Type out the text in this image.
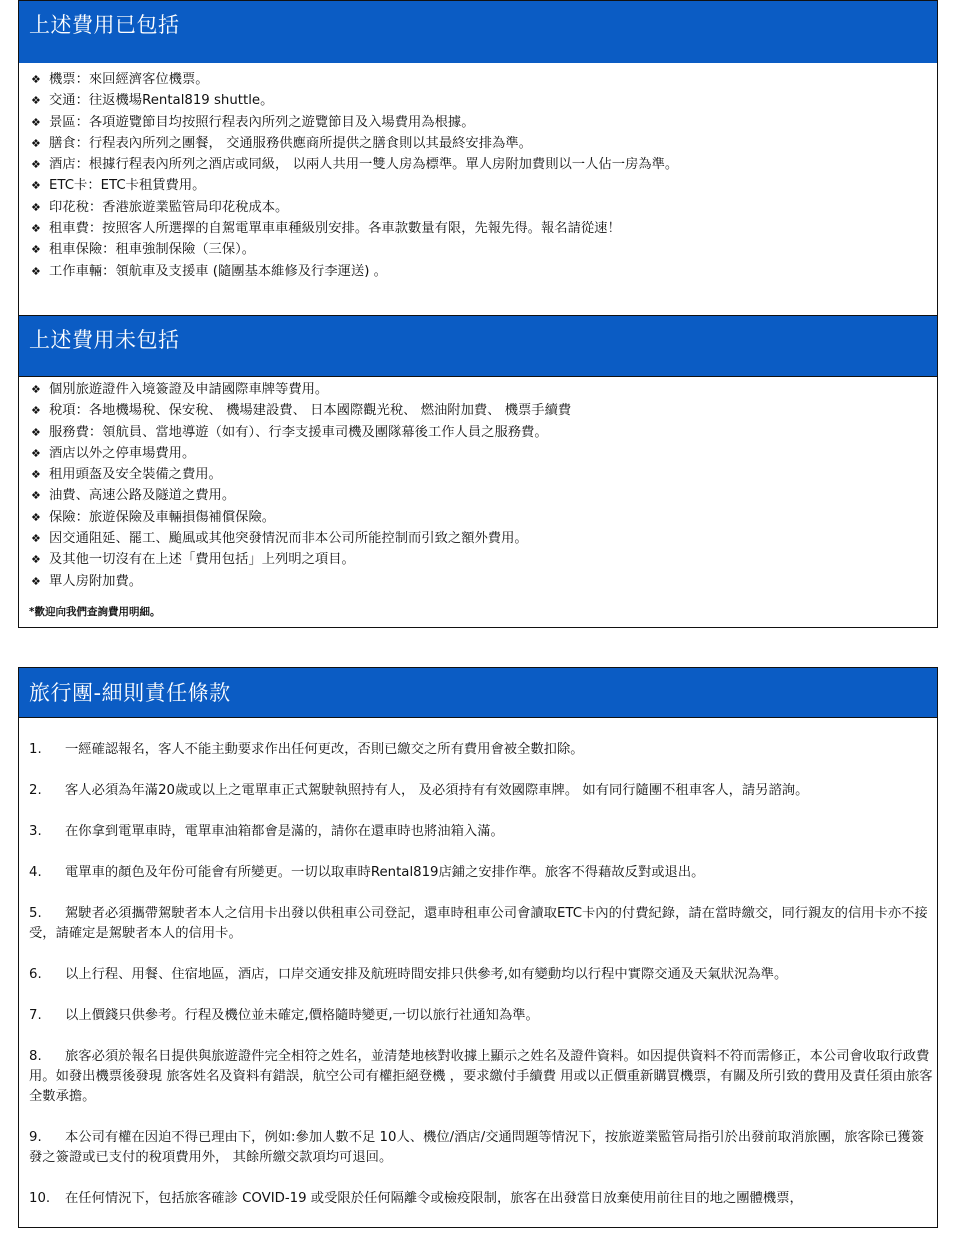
上述費用已包括
❖ 機票：來回經濟客位機票。
❖ 交通：往返機場Rental819 shuttle。
❖ 景區：各項遊覽節目均按照行程表內所列之遊覽節目及入場費用為根據。
❖ 膳食：行程表內所列之團餐， 交通服務供應商所提供之膳食則以其最終安排為準。
❖ 酒店：根據行程表內所列之酒店或同級， 以兩人共用一雙人房為標準。單人房附加費則以一人佔一房為準。
❖ ETC卡：ETC卡租賃費用。
❖ 印花稅：香港旅遊業監管局印花稅成本。
❖ 租車費：按照客人所選擇的自駕電單車車種級別安排。各車款數量有限，先報先得。報名請從速！
❖ 租車保險：租車強制保險（三保）。
❖ 工作車輛：領航車及支援車 (隨團基本維修及行李運送) 。
上述費用未包括
❖ 個別旅遊證件入境簽證及申請國際車牌等費用。
❖ 稅項：各地機場稅、保安稅、 機場建設費、 日本國際觀光稅、 燃油附加費、 機票手續費
❖ 服務費：領航員、當地導遊（如有）、行李支援車司機及團隊幕後工作人員之服務費。
❖ 酒店以外之停車場費用。
❖ 租用頭盔及安全裝備之費用。
❖ 油費、高速公路及隧道之費用。
❖ 保險：旅遊保險及車輛損傷補償保險。
❖ 因交通阻延、罷工、颱風或其他突發情況而非本公司所能控制而引致之額外費用。
❖ 及其他一切沒有在上述「費用包括」上列明之項目。
❖ 單人房附加費。
*歡迎向我們查詢費用明細。
旅行團-細則責任條款

1. 一經確認報名，客人不能主動要求作出任何更改，否則已繳交之所有費用會被全數扣除。

2. 客人必須為年滿20歲或以上之電單車正式駕駛執照持有人， 及必須持有有效國際車牌。 如有同行隨團不租車客人，請另諮詢。

3. 在你拿到電單車時，電單車油箱都會是滿的，請你在還車時也將油箱入滿。

4. 電單車的顏色及年份可能會有所變更。一切以取車時Rental819店鋪之安排作準。旅客不得藉故反對或退出。

5. 駕駛者必須攜帶駕駛者本人之信用卡出發以供租車公司登記，還車時租車公司會讀取ETC卡內的付費紀錄，請在當時繳交，同行親友的信用卡亦不接受，請確定是駕駛者本人的信用卡。

6. 以上行程、用餐、住宿地區，酒店，口岸交通安排及航班時間安排只供參考,如有變動均以行程中實際交通及天氣狀況為準。

7. 以上價錢只供參考。行程及機位並未確定,價格隨時變更,一切以旅行社通知為準。

8. 旅客必須於報名日提供與旅遊證件完全相符之姓名，並清楚地核對收據上顯示之姓名及證件資料。如因提供資料不符而需修正，本公司會收取行政費用。如發出機票後發現 旅客姓名及資料有錯誤，航空公司有權拒絕登機 ，要求繳付手續費 用或以正價重新購買機票，有關及所引致的費用及責任須由旅客全數承擔。

9. 本公司有權在因迫不得已理由下，例如:參加人數不足 10人、機位/酒店/交通問題等情況下，按旅遊業監管局指引於出發前取消旅團，旅客除已獲簽發之簽證或已支付的稅項費用外， 其餘所繳交款項均可退回。

10. 在任何情況下，包括旅客確診 COVID-19 或受限於任何隔離令或檢疫限制，旅客在出發當日放棄使用前往目的地之團體機票，
